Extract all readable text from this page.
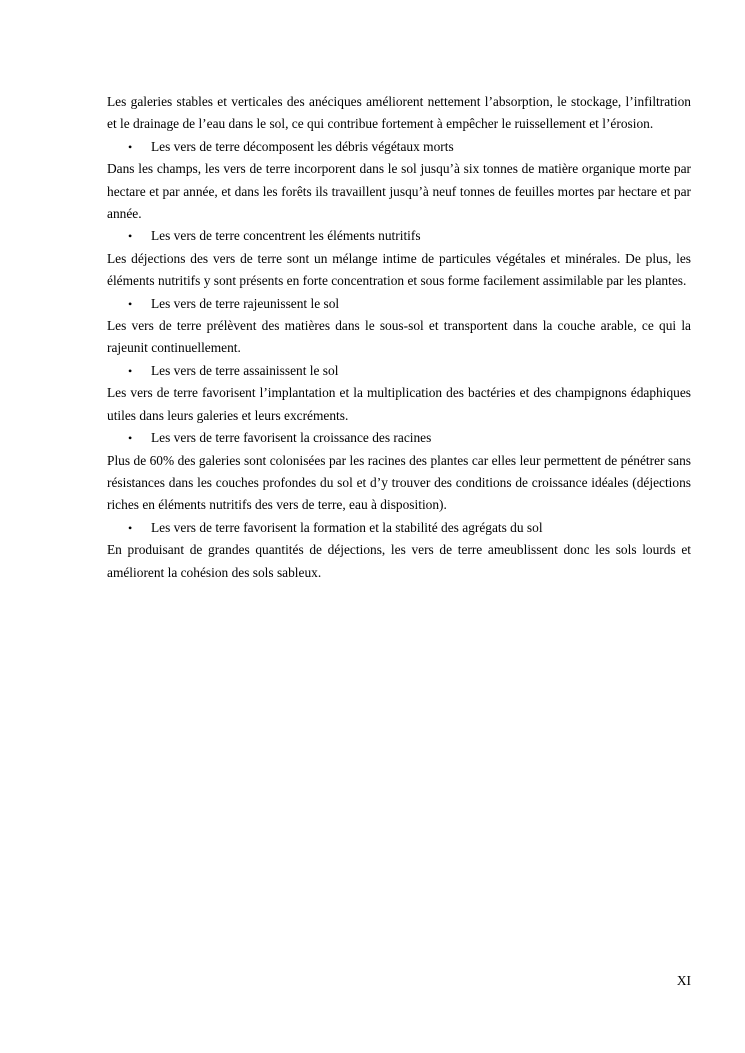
Les galeries stables et verticales des anéciques améliorent nettement l’absorption, le stockage, l’infiltration et le drainage de l’eau dans le sol, ce qui contribue fortement à empêcher le ruissellement et l’érosion.

• Les vers de terre décomposent les débris végétaux morts

Dans les champs, les vers de terre incorporent dans le sol jusqu’à six tonnes de matière organique morte par hectare et par année, et dans les forêts ils travaillent jusqu’à neuf tonnes de feuilles mortes par hectare et par année.

• Les vers de terre concentrent les éléments nutritifs

Les déjections des vers de terre sont un mélange intime de particules végétales et minérales. De plus, les éléments nutritifs y sont présents en forte concentration et sous forme facilement assimilable par les plantes.

• Les vers de terre rajeunissent le sol

Les vers de terre prélèvent des matières dans le sous-sol et transportent dans la couche arable, ce qui la rajeunit continuellement.

• Les vers de terre assainissent le sol

Les vers de terre favorisent l’implantation et la multiplication des bactéries et des champignons édaphiques utiles dans leurs galeries et leurs excréments.

• Les vers de terre favorisent la croissance des racines

Plus de 60% des galeries sont colonisées par les racines des plantes car elles leur permettent de pénétrer sans résistances dans les couches profondes du sol et d’y trouver des conditions de croissance idéales (déjections riches en éléments nutritifs des vers de terre, eau à disposition).

• Les vers de terre favorisent la formation et la stabilité des agrégats du sol

En produisant de grandes quantités de déjections, les vers de terre ameublissent donc les sols lourds et améliorent la cohésion des sols sableux.

XI
